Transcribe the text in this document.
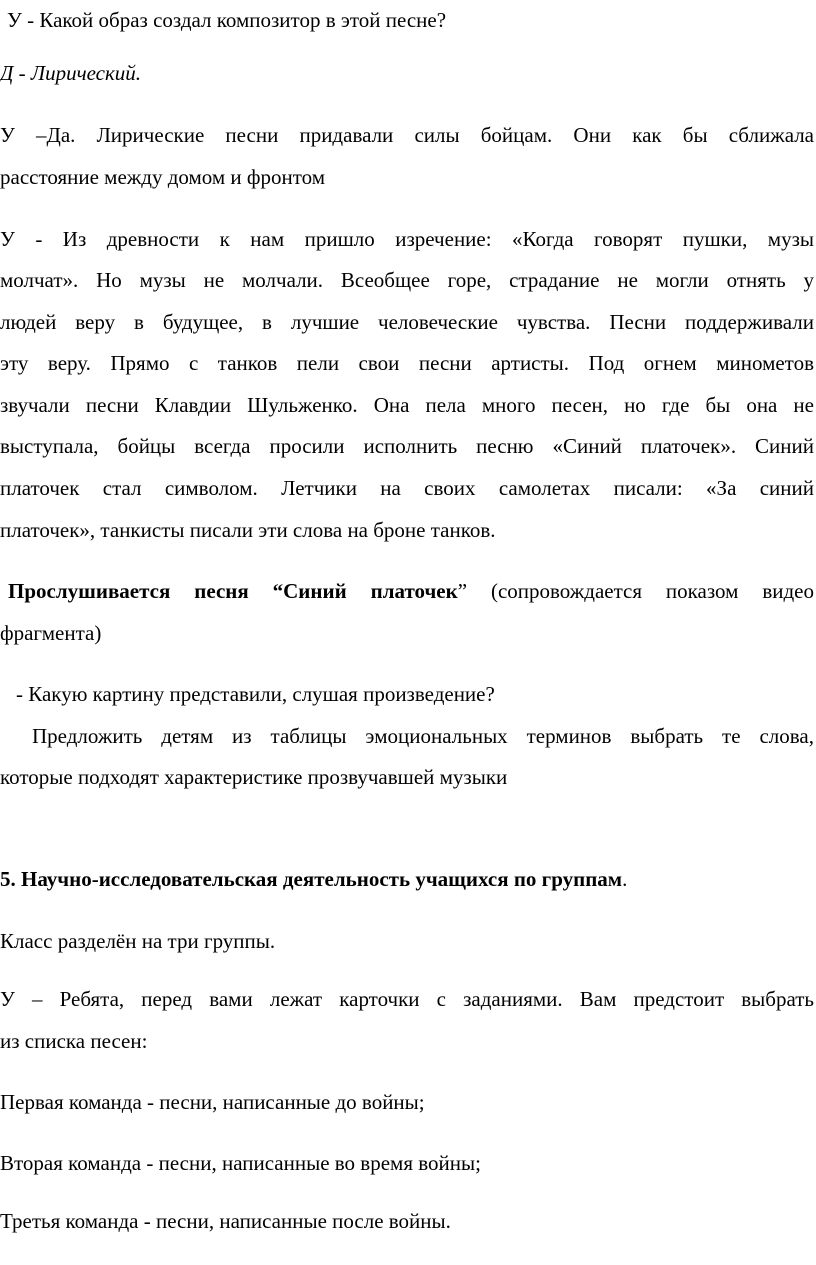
У - Какой образ создал композитор в этой песне?
Д - Лирический.
У –Да. Лирические песни придавали силы бойцам. Они как бы сближала
расстояние между домом и фронтом
У - Из древности к нам пришло изречение: «Когда говорят пушки, музы
молчат». Но музы не молчали. Всеобщее горе, страдание не могли отнять у
людей веру в будущее, в лучшие человеческие чувства. Песни поддерживали
эту веру. Прямо с танков пели свои песни артисты. Под огнем минометов
звучали песни Клавдии Шульженко. Она пела много песен, но где бы она не
выступала, бойцы всегда просили исполнить песню «Синий платочек». Синий
платочек стал символом. Летчики на своих самолетах писали: «За синий
платочек», танкисты писали эти слова на броне танков.
Прослушивается песня “Синий платочек” (сопровождается показом видео
фрагмента)
- Какую картину представили, слушая произведение?
Предложить детям из таблицы эмоциональных терминов выбрать те слова,
которые подходят характеристике прозвучавшей музыки
5. Научно-исследовательская деятельность учащихся по группам.
Класс разделён на три группы.
У – Ребята, перед вами лежат карточки с заданиями. Вам предстоит выбрать
из списка песен:
Первая команда - песни, написанные до войны;
Вторая команда - песни, написанные во время войны;
Третья команда - песни, написанные после войны.
